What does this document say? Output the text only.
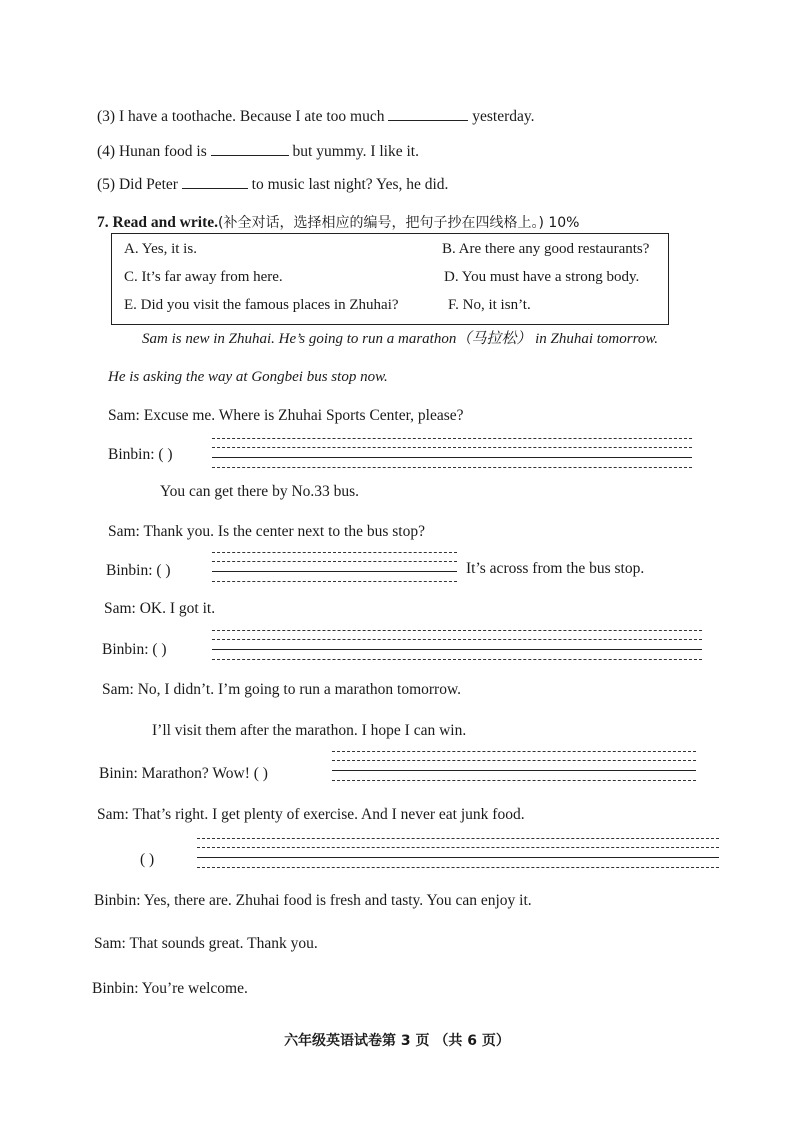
(3) I have a toothache. Because I ate too much	yesterday.
(4) Hunan food is	but yummy. I like it.
(5) Did Peter	to music last night? Yes, he did.
7. Read and write.(补全对话，选择相应的编号，把句子抄在四线格上。) 10%
A. Yes, it is.	B. Are there any good restaurants?
C. It’s far away from here.	D. You must have a strong body.
E. Did you visit the famous places in Zhuhai?	F. No, it isn’t.
Sam is new in Zhuhai. He’s going to run a marathon（马拉松） in Zhuhai tomorrow.
He is asking the way at Gongbei bus stop now.
Sam: Excuse me. Where is Zhuhai Sports Center, please?
Binbin: ( )
You can get there by No.33 bus.
Sam: Thank you. Is the center next to the bus stop?
Binbin: ( )	It’s across from the bus stop.
Sam: OK. I got it.
Binbin: ( )
Sam: No, I didn’t. I’m going to run a marathon tomorrow.
I’ll visit them after the marathon. I hope I can win.
Binin: Marathon? Wow! ( )
Sam: That’s right. I get plenty of exercise. And I never eat junk food.
( )
Binbin: Yes, there are. Zhuhai food is fresh and tasty. You can enjoy it.
Sam: That sounds great. Thank you.
Binbin: You’re welcome.
六年级英语试卷第 3 页 （共 6 页）
